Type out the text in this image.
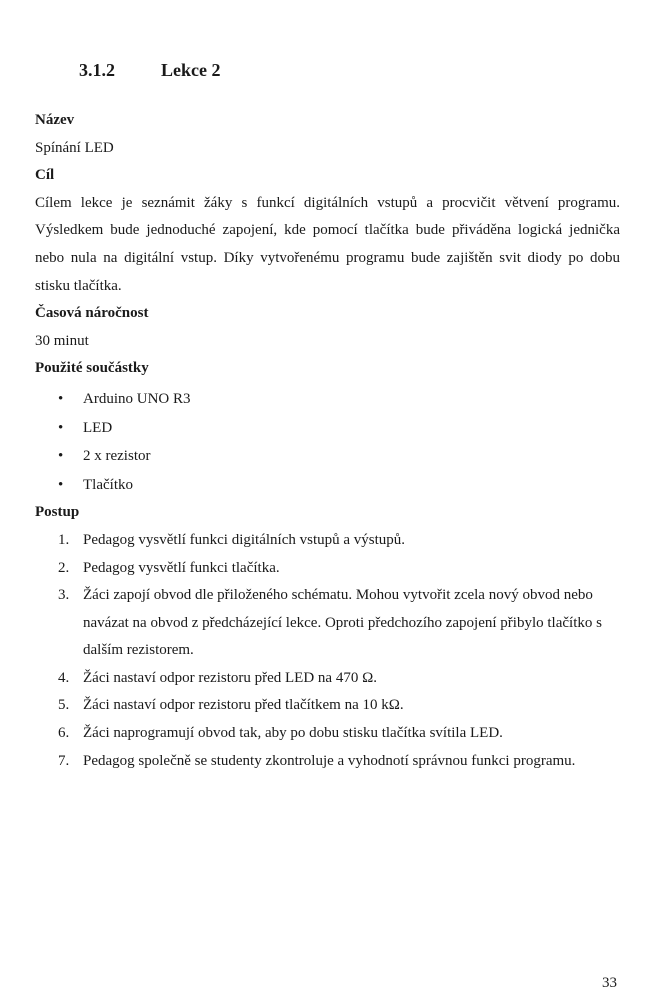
3.1.2	Lekce 2

Název

Spínání LED

Cíl

Cílem lekce je seznámit žáky s funkcí digitálních vstupů a procvičit větvení programu. Výsledkem bude jednoduché zapojení, kde pomocí tlačítka bude přiváděna logická jednička nebo nula na digitální vstup. Díky vytvořenému programu bude zajištěn svit diody po dobu stisku tlačítka.

Časová náročnost

30 minut

Použité součástky

• Arduino UNO R3
• LED
• 2 x rezistor
• Tlačítko

Postup

1. Pedagog vysvětlí funkci digitálních vstupů a výstupů.
2. Pedagog vysvětlí funkci tlačítka.
3. Žáci zapojí obvod dle přiloženého schématu. Mohou vytvořit zcela nový obvod nebo navázat na obvod z předcházející lekce. Oproti předchozího zapojení přibylo tlačítko s dalším rezistorem.
4. Žáci nastaví odpor rezistoru před LED na 470 Ω.
5. Žáci nastaví odpor rezistoru před tlačítkem na 10 kΩ.
6. Žáci naprogramují obvod tak, aby po dobu stisku tlačítka svítila LED.
7. Pedagog společně se studenty zkontroluje a vyhodnotí správnou funkci programu.
33
